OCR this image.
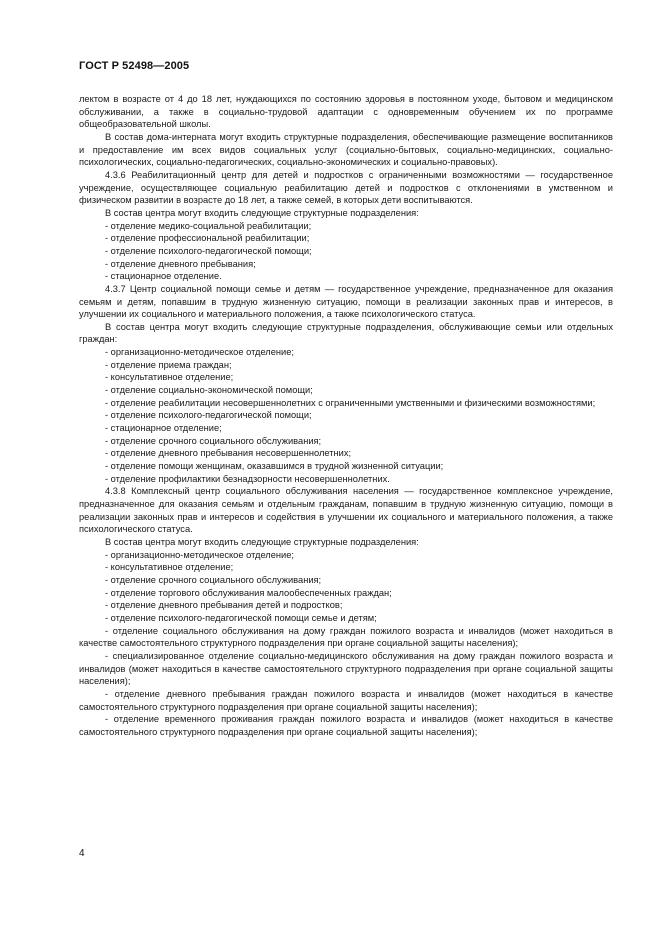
ГОСТ Р 52498—2005

лектом в возрасте от 4 до 18 лет, нуждающихся по состоянию здоровья в постоянном уходе, бытовом и медицинском обслуживании, а также в социально-трудовой адаптации с одновременным обучением их по программе общеобразовательной школы.

В состав дома-интерната могут входить структурные подразделения, обеспечивающие размещение воспитанников и предоставление им всех видов социальных услуг (социально-бытовых, социально-медицинских, социально-психологических, социально-педагогических, социально-экономических и социально-правовых).

4.3.6 Реабилитационный центр для детей и подростков с ограниченными возможностями — государственное учреждение, осуществляющее социальную реабилитацию детей и подростков с отклонениями в умственном и физическом развитии в возрасте до 18 лет, а также семей, в которых дети воспитываются.

В состав центра могут входить следующие структурные подразделения:

- отделение медико-социальной реабилитации;

- отделение профессиональной реабилитации;

- отделение психолого-педагогической помощи;

- отделение дневного пребывания;

- стационарное отделение.

4.3.7 Центр социальной помощи семье и детям — государственное учреждение, предназначенное для оказания семьям и детям, попавшим в трудную жизненную ситуацию, помощи в реализации законных прав и интересов, в улучшении их социального и материального положения, а также психологического статуса.

В состав центра могут входить следующие структурные подразделения, обслуживающие семьи или отдельных граждан:

- организационно-методическое отделение;

- отделение приема граждан;

- консультативное отделение;

- отделение социально-экономической помощи;

- отделение реабилитации несовершеннолетних с ограниченными умственными и физическими возможностями;

- отделение психолого-педагогической помощи;

- стационарное отделение;

- отделение срочного социального обслуживания;

- отделение дневного пребывания несовершеннолетних;

- отделение помощи женщинам, оказавшимся в трудной жизненной ситуации;

- отделение профилактики безнадзорности несовершеннолетних.

4.3.8 Комплексный центр социального обслуживания населения — государственное комплексное учреждение, предназначенное для оказания семьям и отдельным гражданам, попавшим в трудную жизненную ситуацию, помощи в реализации законных прав и интересов и содействия в улучшении их социального и материального положения, а также психологического статуса.

В состав центра могут входить следующие структурные подразделения:

- организационно-методическое отделение;

- консультативное отделение;

- отделение срочного социального обслуживания;

- отделение торгового обслуживания малообеспеченных граждан;

- отделение дневного пребывания детей и подростков;

- отделение психолого-педагогической помощи семье и детям;

- отделение социального обслуживания на дому граждан пожилого возраста и инвалидов (может находиться в качестве самостоятельного структурного подразделения при органе социальной защиты населения);

- специализированное отделение социально-медицинского обслуживания на дому граждан пожилого возраста и инвалидов (может находиться в качестве самостоятельного структурного подразделения при органе социальной защиты населения);

- отделение дневного пребывания граждан пожилого возраста и инвалидов (может находиться в качестве самостоятельного структурного подразделения при органе социальной защиты населения);

- отделение временного проживания граждан пожилого возраста и инвалидов (может находиться в качестве самостоятельного структурного подразделения при органе социальной защиты населения);

4
